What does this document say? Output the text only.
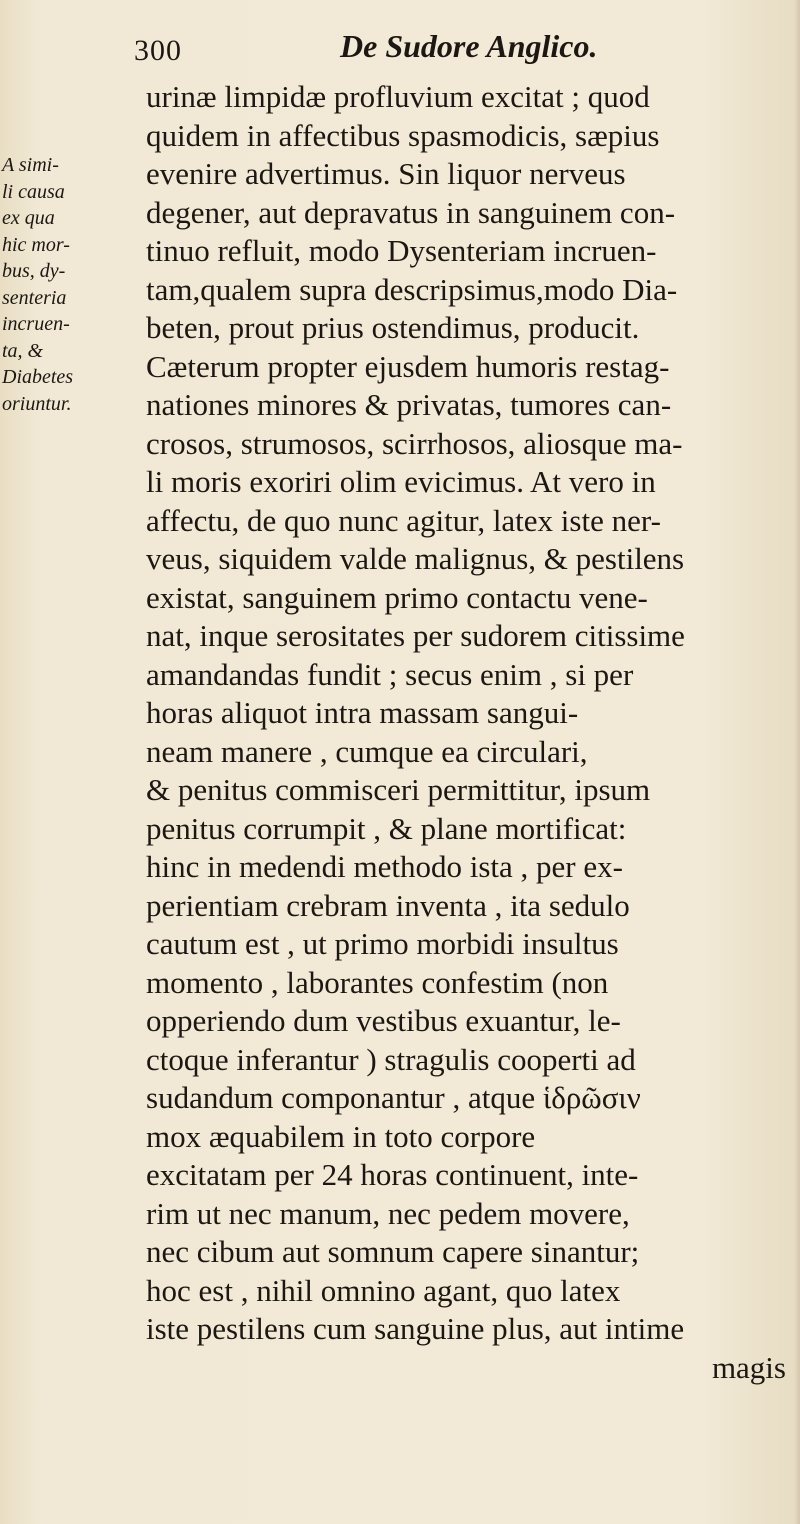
300	De Sudore Anglico.
A simi-
li causa
ex qua
hic mor-
bus, dy-
senteria
incruen-
ta, &
Diabetes
oriuntur.
urinæ limpidæ profluvium excitat ; quod
quidem in affectibus spasmodicis, sæpius
evenire advertimus. Sin liquor nerveus
degener, aut depravatus in sanguinem con-
tinuo refluit, modo Dysenteriam incruen-
tam,qualem supra descripsimus,modo Dia-
beten, prout prius ostendimus, producit.
Cæterum propter ejusdem humoris restag-
nationes minores & privatas, tumores can-
crosos, strumosos, scirrhosos, aliosque ma-
li moris exoriri olim evicimus. At vero in
affectu, de quo nunc agitur, latex iste ner-
veus, siquidem valde malignus, & pestilens
existat, sanguinem primo contactu vene-
nat, inque serositates per sudorem citissime
amandandas fundit ; secus enim , si per
horas aliquot intra massam sangui-
neam manere , cumque ea circulari,
& penitus commisceri permittitur, ipsum
penitus corrumpit , & plane mortificat:
hinc in medendi methodo ista , per ex-
perientiam crebram inventa , ita sedulo
cautum est , ut primo morbidi insultus
momento , laborantes confestim (non
opperiendo dum vestibus exuantur, le-
ctoque inferantur ) stragulis cooperti ad
sudandum componantur , atque ἱδρῶσιν
mox æquabilem in toto corpore
excitatam per 24 horas continuent, inte-
rim ut nec manum, nec pedem movere,
nec cibum aut somnum capere sinantur;
hoc est , nihil omnino agant, quo latex
iste pestilens cum sanguine plus, aut intime
magis
